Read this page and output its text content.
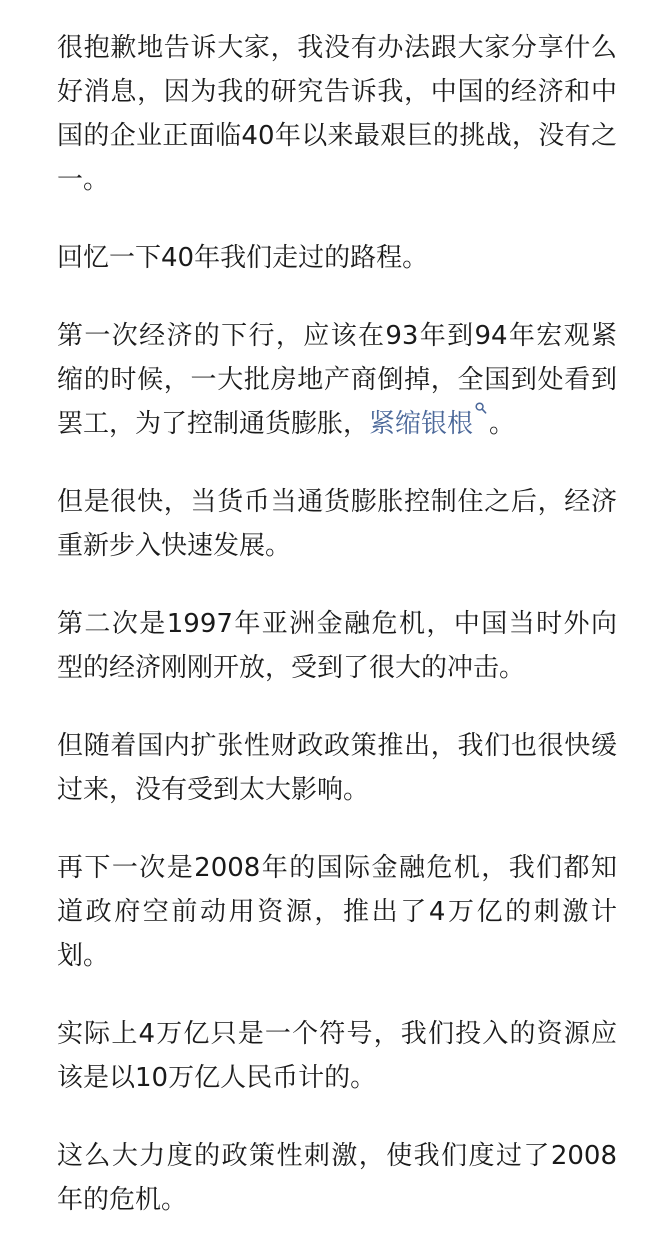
很抱歉地告诉大家，我没有办法跟大家分享什么好消息，因为我的研究告诉我，中国的经济和中国的企业正面临40年以来最艰巨的挑战，没有之一。

回忆一下40年我们走过的路程。

第一次经济的下行，应该在93年到94年宏观紧缩的时候，一大批房地产商倒掉，全国到处看到罢工，为了控制通货膨胀，紧缩银根 。

但是很快，当货币当通货膨胀控制住之后，经济重新步入快速发展。

第二次是1997年亚洲金融危机，中国当时外向型的经济刚刚开放，受到了很大的冲击。

但随着国内扩张性财政政策推出，我们也很快缓过来，没有受到太大影响。

再下一次是2008年的国际金融危机，我们都知道政府空前动用资源，推出了4万亿的刺激计划。

实际上4万亿只是一个符号，我们投入的资源应该是以10万亿人民币计的。

这么大力度的政策性刺激，使我们度过了2008年的危机。
